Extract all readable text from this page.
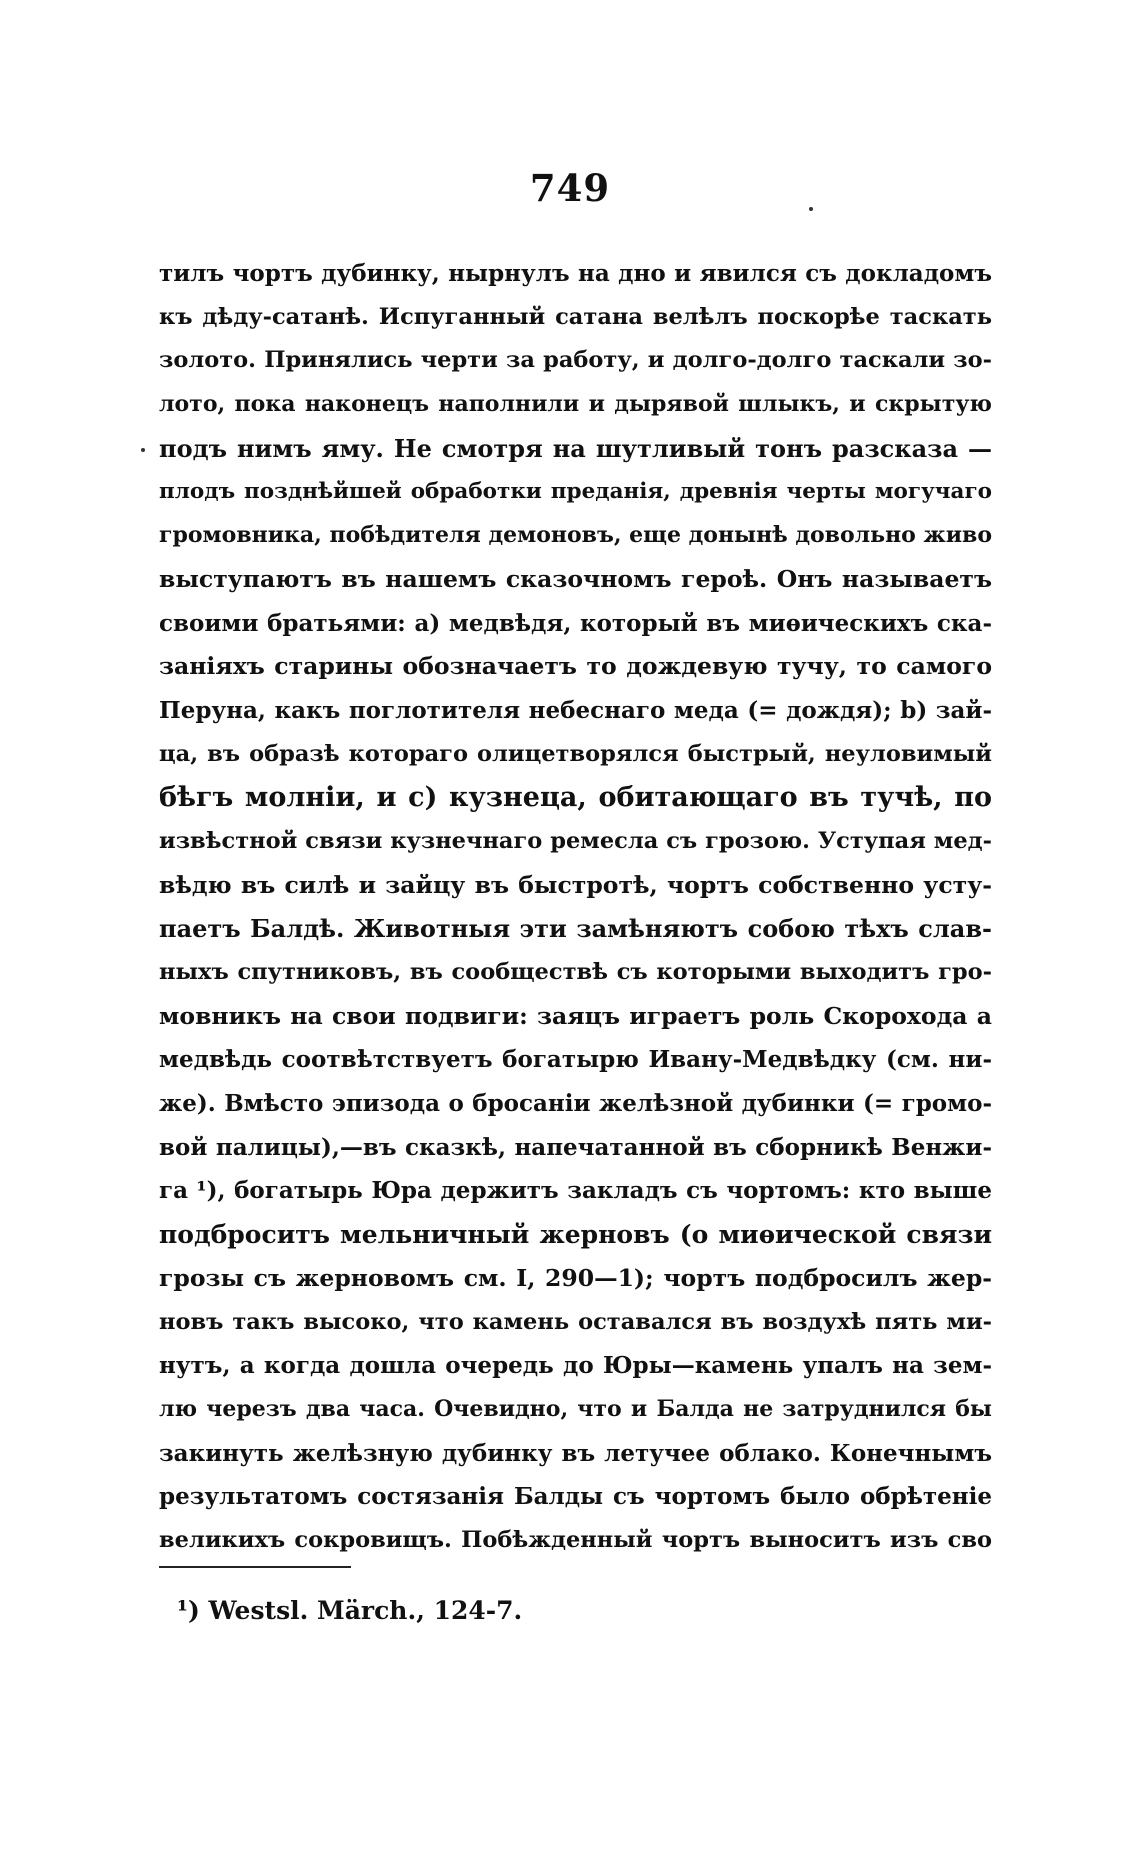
749
тилъ чортъ дубинку, нырнулъ на дно и явился съ докладомъ
къ дѣду-сатанѣ. Испуганный сатана велѣлъ поскорѣе таскать
золото. Принялись черти за работу, и долго-долго таскали зо-
лото, пока наконецъ наполнили и дырявой шлыкъ, и скрытую
подъ нимъ яму. Не смотря на шутливый тонъ разсказа —
плодъ позднѣйшей обработки преданія, древнія черты могучаго
громовника, побѣдителя демоновъ, еще донынѣ довольно живо
выступаютъ въ нашемъ сказочномъ героѣ. Онъ называетъ
своими братьями: а) медвѣдя, который въ миѳическихъ ска-
заніяхъ старины обозначаетъ то дождевую тучу, то самого
Перуна, какъ поглотителя небеснаго меда (= дождя); b) зай-
ца, въ образѣ котораго олицетворялся быстрый, неуловимый
бѣгъ молніи, и с) кузнеца, обитающаго въ тучѣ, по
извѣстной связи кузнечнаго ремесла съ грозою. Уступая мед-
вѣдю въ силѣ и зайцу въ быстротѣ, чортъ собственно усту-
паетъ Балдѣ. Животныя эти замѣняютъ собою тѣхъ слав-
ныхъ спутниковъ, въ сообществѣ съ которыми выходитъ гро-
мовникъ на свои подвиги: заяцъ играетъ роль Скорохода а
медвѣдь соотвѣтствуетъ богатырю Ивану-Медвѣдку (см. ни-
же). Вмѣсто эпизода о бросаніи желѣзной дубинки (= громо-
вой палицы),—въ сказкѣ, напечатанной въ сборникѣ Венжи-
га ¹), богатырь Юра держитъ закладъ съ чортомъ: кто выше
подброситъ мельничный жерновъ (о миѳической связи
грозы съ жерновомъ см. I, 290—1); чортъ подбросилъ жер-
новъ такъ высоко, что камень оставался въ воздухѣ пять ми-
нутъ, а когда дошла очередь до Юры—камень упалъ на зем-
лю черезъ два часа. Очевидно, что и Балда не затруднился бы
закинуть желѣзную дубинку въ летучее облако. Конечнымъ
результатомъ состязанія Балды съ чортомъ было обрѣтеніе
великихъ сокровищъ. Побѣжденный чортъ выноситъ изъ сво
¹) Westsl. Märch., 124-7.
